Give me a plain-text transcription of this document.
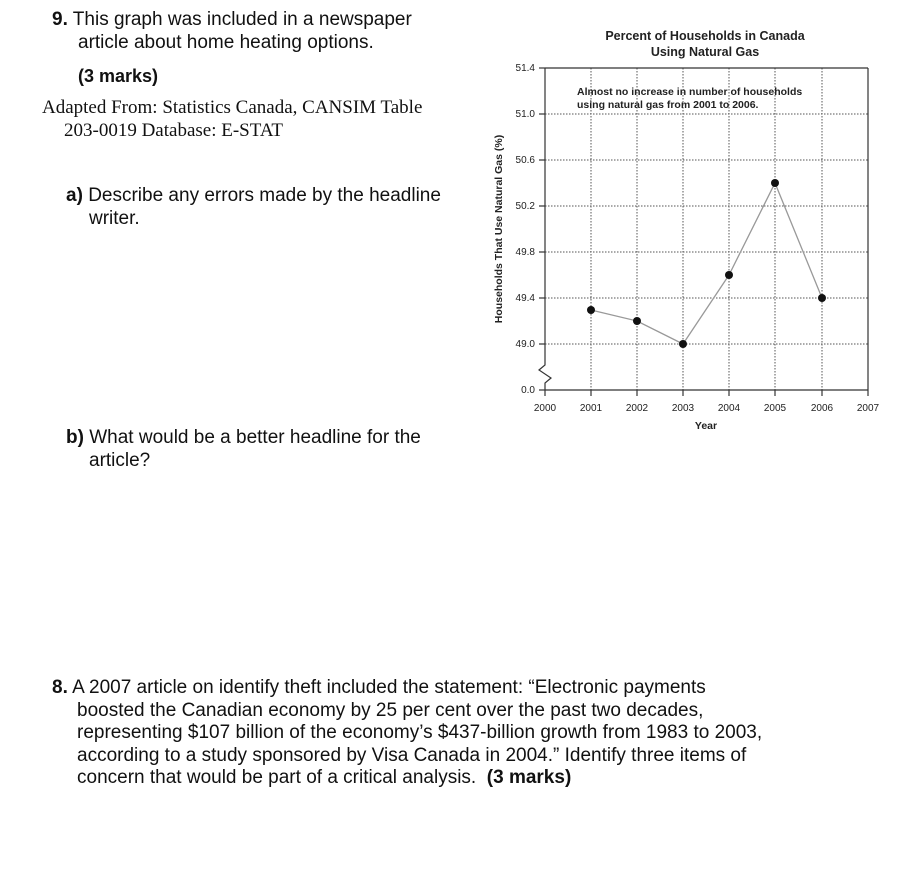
9. This graph was included in a newspaper
article about home heating options.
(3 marks)
Adapted From: Statistics Canada, CANSIM Table
203-0019 Database: E-STAT
a) Describe any errors made by the headline
writer.
b) What would be a better headline for the
article?
Percent of Households in Canada
Using Natural Gas
0.0
49.0
49.4
49.8
50.2
50.6
51.0
51.4
2000 2001 2002 2003 2004 2005 2006 2007
Year
Households That Use Natural Gas (%)
Almost no increase in number of households
using natural gas from 2001 to 2006.
8. A 2007 article on identify theft included the statement: “Electronic payments
boosted the Canadian economy by 25 per cent over the past two decades,
representing $107 billion of the economy’s $437-billion growth from 1983 to 2003,
according to a study sponsored by Visa Canada in 2004.” Identify three items of
concern that would be part of a critical analysis. (3 marks)
